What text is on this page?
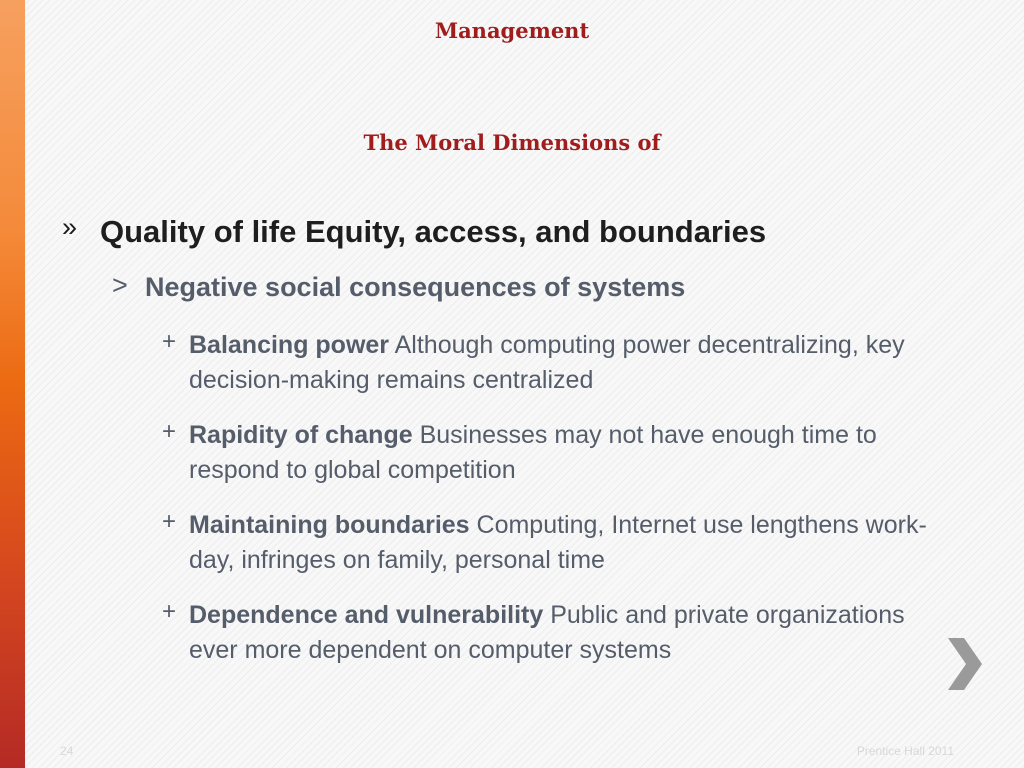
Management
The Moral Dimensions of
» Quality of life Equity, access, and boundaries
> Negative social consequences of systems
+ Balancing power Although computing power decentralizing, key decision-making remains centralized
+ Rapidity of change Businesses may not have enough time to respond to global competition
+ Maintaining boundaries Computing, Internet use lengthens work-day, infringes on family, personal time
+ Dependence and vulnerability Public and private organizations ever more dependent on computer systems
24	Prentice Hall 2011
